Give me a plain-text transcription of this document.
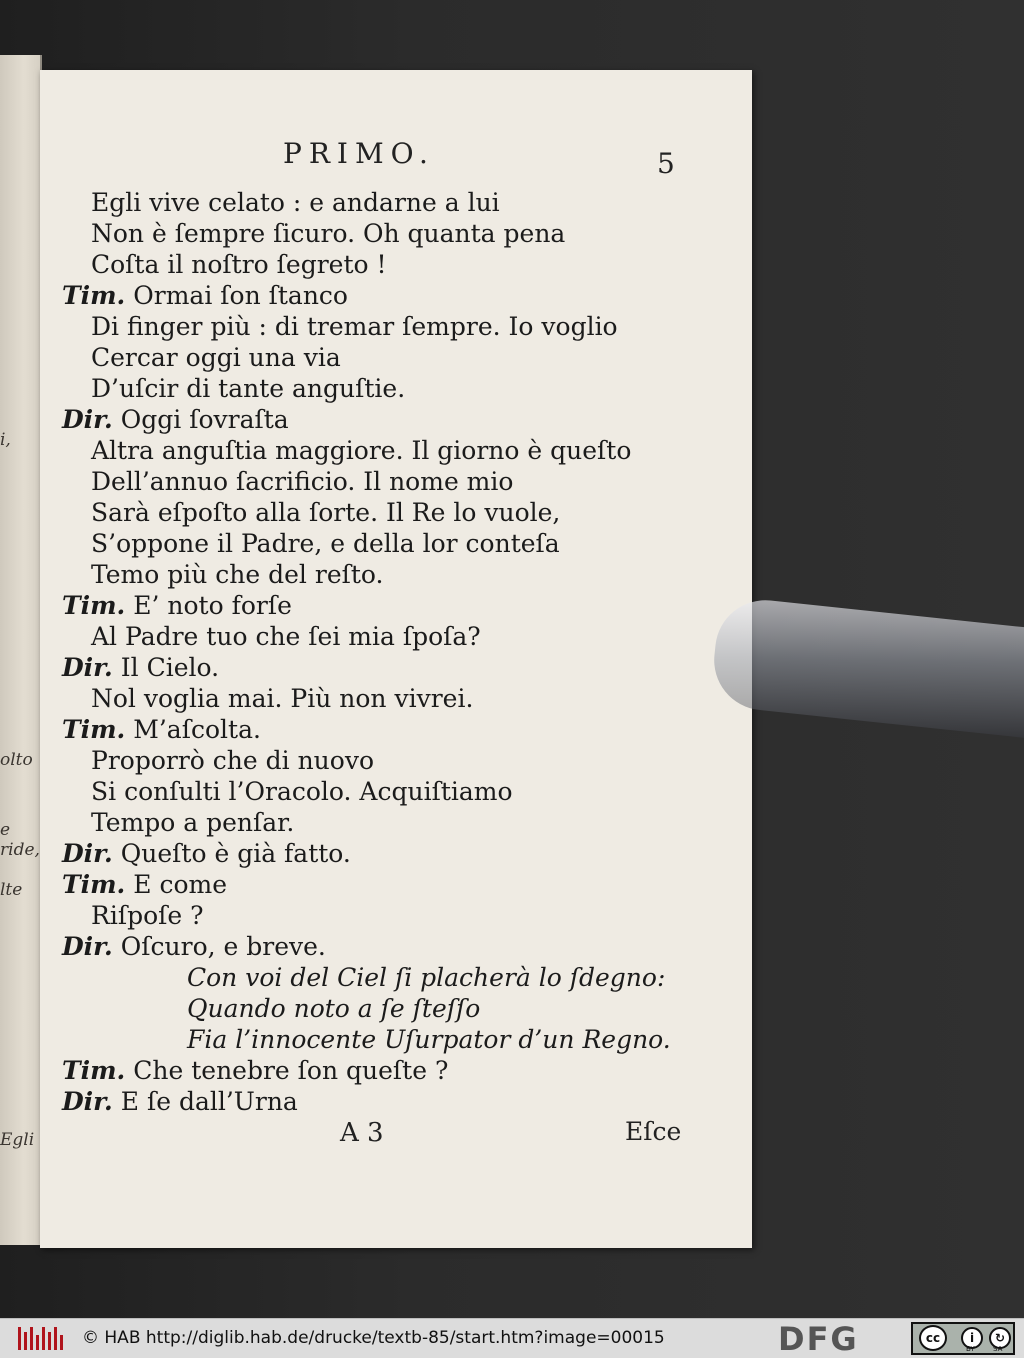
i,
olto
e ride,
lte
Egli
PRIMO.	5
Egli vive celato : e andarne a lui
Non è ſempre ſicuro. Oh quanta pena
Coſta il noſtro ſegreto !
Tim. Ormai ſon ſtanco
Di finger più : di tremar ſempre. Io voglio
Cercar oggi una via
D’uſcir di tante anguſtie.
Dir. Oggi ſovraſta
Altra anguſtia maggiore. Il giorno è queſto
Dell’annuo ſacrificio. Il nome mio
Sarà eſpoſto alla ſorte. Il Re lo vuole,
S’oppone il Padre, e della lor conteſa
Temo più che del reſto.
Tim. E’ noto forſe
Al Padre tuo che ſei mia ſpoſa?
Dir. Il Cielo.
Nol voglia mai. Più non vivrei.
Tim. M’aſcolta.
Proporrò che di nuovo
Si conſulti l’Oracolo. Acquiſtiamo
Tempo a penſar.
Dir. Queſto è già fatto.
Tim. E come
Riſpoſe ?
Dir. Oſcuro, e breve.
Con voi del Ciel ſi placherà lo ſdegno:
Quando noto a ſe ſteſſo
Fia l’innocente Uſurpator d’un Regno.
Tim. Che tenebre ſon queſte ?
Dir. E ſe dall’Urna
A 3	Eſce
© HAB http://diglib.hab.de/drucke/textb-85/start.htm?image=00015	DFG	cc	i	↻
BY	SA
